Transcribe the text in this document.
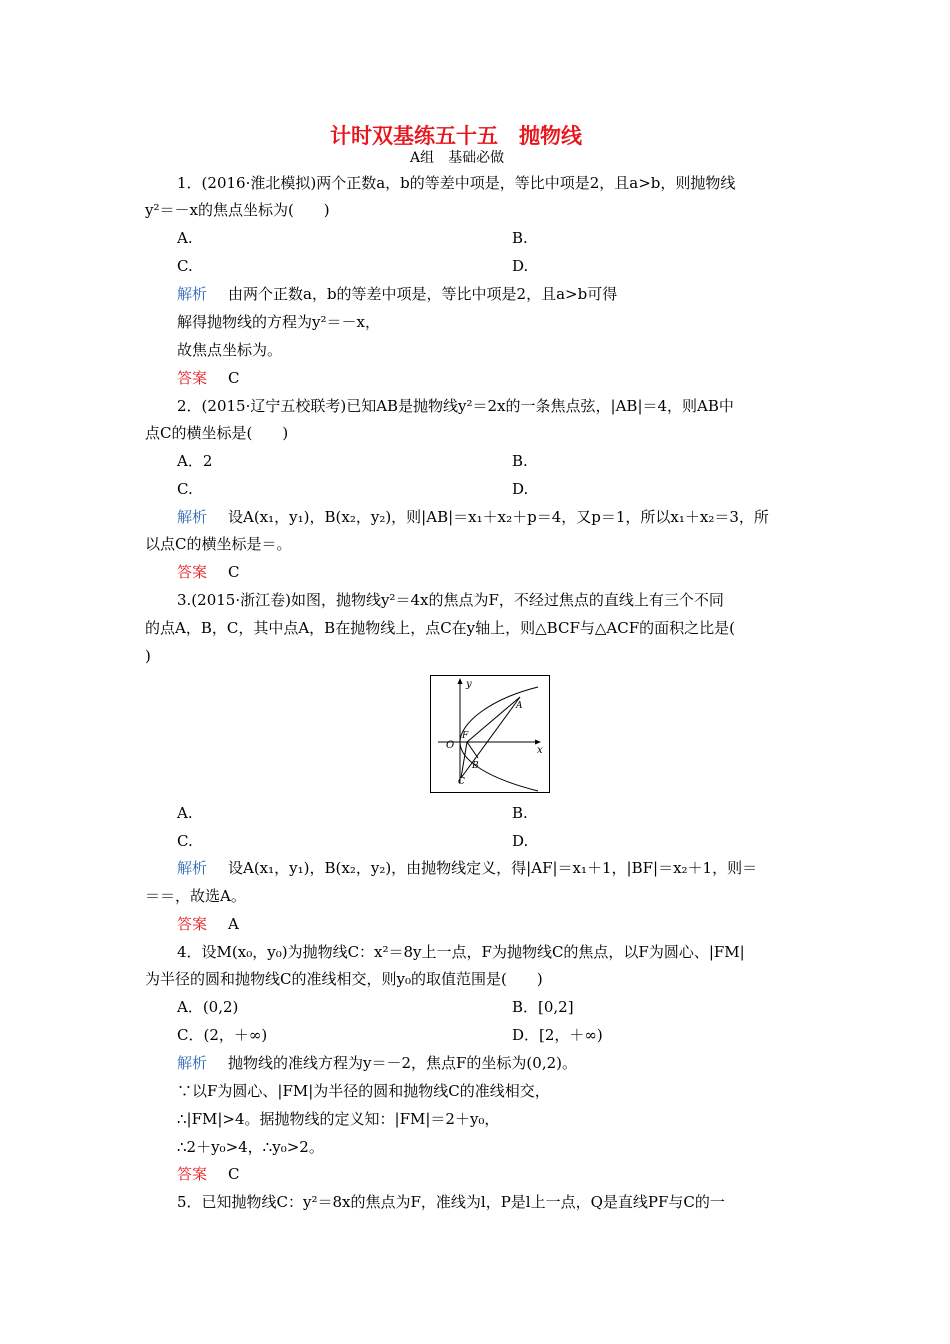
计时双基练五十五　抛物线
A组　基础必做
1．(2016·淮北模拟)两个正数a，b的等差中项是，等比中项是2，且a>b，则抛物线
y²＝－x的焦点坐标为(　　)
A.	B.
C.	D.
解析 由两个正数a，b的等差中项是，等比中项是2，且a>b可得
解得抛物线的方程为y²＝－x，
故焦点坐标为。
答案 C
2．(2015·辽宁五校联考)已知AB是抛物线y²＝2x的一条焦点弦，|AB|＝4，则AB中
点C的横坐标是(　　)
A．2	B.
C.	D.
解析 设A(x₁，y₁)，B(x₂，y₂)，则|AB|＝x₁＋x₂＋p＝4，又p＝1，所以x₁＋x₂＝3，所
以点C的横坐标是＝。
答案 C
3.(2015·浙江卷)如图，抛物线y²＝4x的焦点为F，不经过焦点的直线上有三个不同
的点A，B，C，其中点A，B在抛物线上，点C在y轴上，则△BCF与△ACF的面积之比是(
)
y
x
O
F
A
B
C
A.	B.
C.	D.
解析 设A(x₁，y₁)，B(x₂，y₂)，由抛物线定义，得|AF|＝x₁＋1，|BF|＝x₂＋1，则＝
＝＝，故选A。
答案 A
4．设M(x₀，y₀)为抛物线C：x²＝8y上一点，F为抛物线C的焦点，以F为圆心、|FM|
为半径的圆和抛物线C的准线相交，则y₀的取值范围是(　　)
A．(0,2)	B．[0,2]
C．(2，＋∞)	D．[2，＋∞)
解析 抛物线的准线方程为y＝－2，焦点F的坐标为(0,2)。
∵以F为圆心、|FM|为半径的圆和抛物线C的准线相交，
∴|FM|>4。据抛物线的定义知：|FM|＝2＋y₀，
∴2＋y₀>4，∴y₀>2。
答案 C
5．已知抛物线C：y²＝8x的焦点为F，准线为l，P是l上一点，Q是直线PF与C的一
